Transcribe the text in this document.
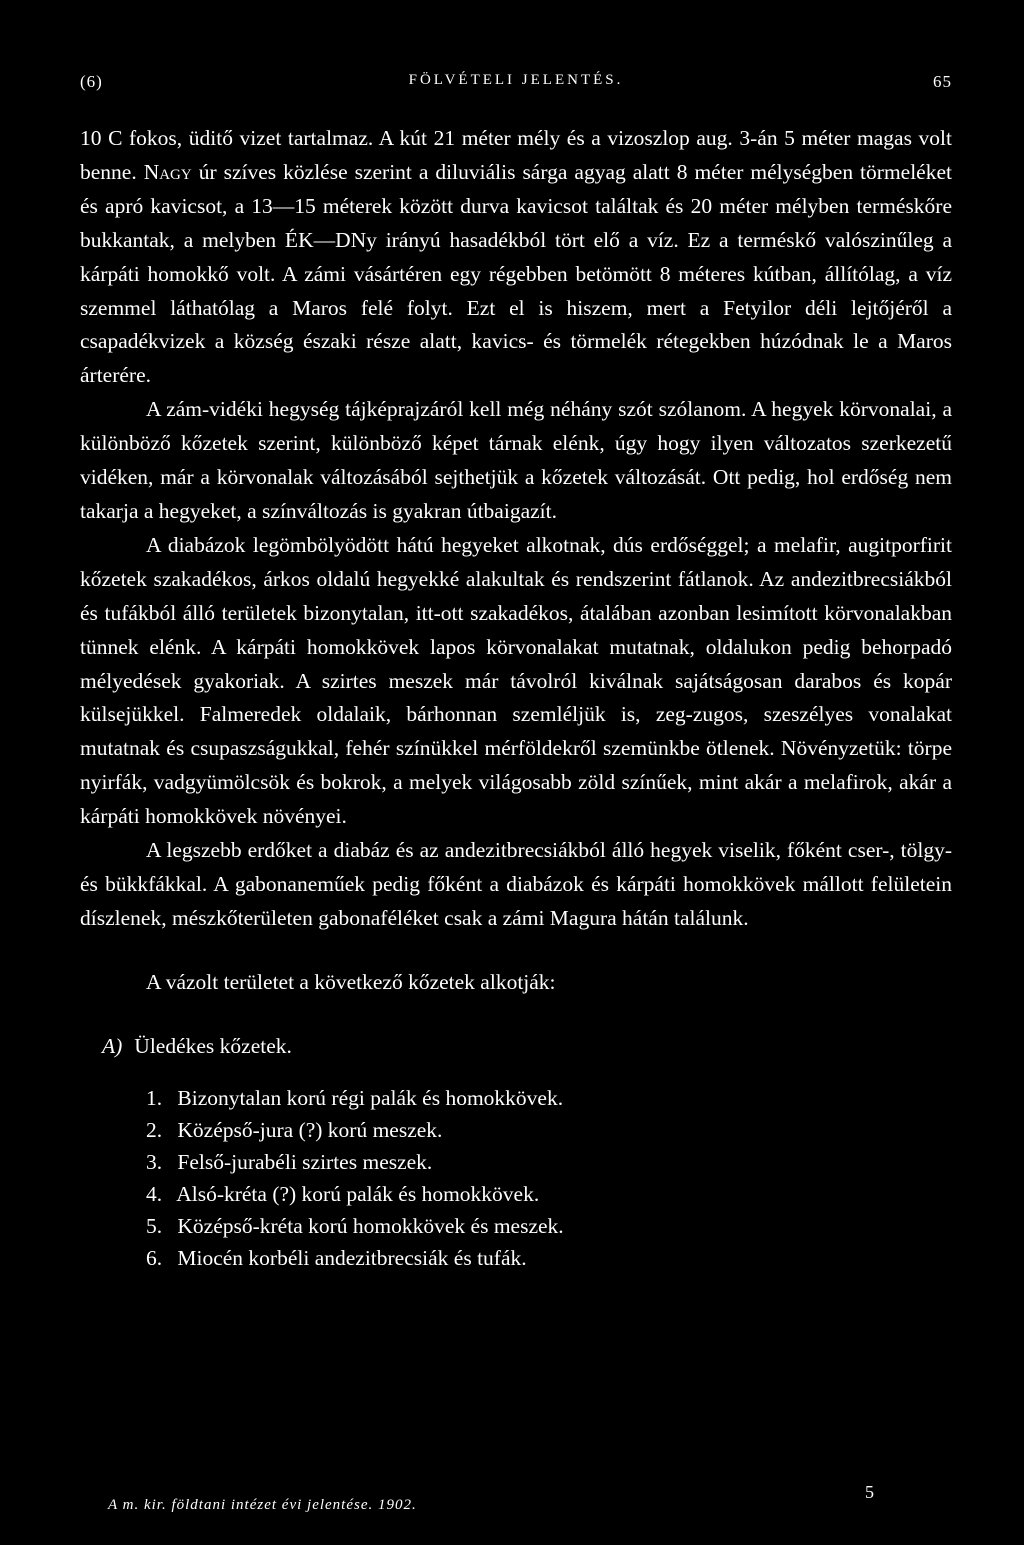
(6)	FÖLVÉTELI JELENTÉS.	65

10 C fokos, üditő vizet tartalmaz. A kút 21 méter mély és a vizoszlop aug. 3-án 5 méter magas volt benne. Nagy úr szíves közlése szerint a diluviális sárga agyag alatt 8 méter mélységben törmeléket és apró kavicsot, a 13—15 méterek között durva kavicsot találtak és 20 méter mélyben terméskőre bukkantak, a melyben ÉK—DNy irányú hasadékból tört elő a víz. Ez a terméskő valószinűleg a kárpáti homokkő volt. A zámi vásártéren egy régebben betömött 8 méteres kútban, állítólag, a víz szemmel láthatólag a Maros felé folyt. Ezt el is hiszem, mert a Fetyilor déli lejtőjéről a csapadékvizek a község északi része alatt, kavics- és törmelék rétegekben húzódnak le a Maros árterére.

A zám-vidéki hegység tájképrajzáról kell még néhány szót szólanom. A hegyek körvonalai, a különböző kőzetek szerint, különböző képet tárnak elénk, úgy hogy ilyen változatos szerkezetű vidéken, már a körvonalak változásából sejthetjük a kőzetek változását. Ott pedig, hol erdőség nem takarja a hegyeket, a színváltozás is gyakran útbaigazít.

A diabázok legömbölyödött hátú hegyeket alkotnak, dús erdőséggel; a melafir, augitporfirit kőzetek szakadékos, árkos oldalú hegyekké alakultak és rendszerint fátlanok. Az andezitbrecsiákból és tufákból álló területek bizonytalan, itt-ott szakadékos, átalában azonban lesimított körvonalakban tünnek elénk. A kárpáti homokkövek lapos körvonalakat mutatnak, oldalukon pedig behorpadó mélyedések gyakoriak. A szirtes meszek már távolról kiválnak sajátságosan darabos és kopár külsejükkel. Falmeredek oldalaik, bárhonnan szemléljük is, zeg-zugos, szeszélyes vonalakat mutatnak és csupaszságukkal, fehér színükkel mérföldekről szemünkbe ötlenek. Növényzetük: törpe nyirfák, vadgyümölcsök és bokrok, a melyek világosabb zöld színűek, mint akár a melafirok, akár a kárpáti homokkövek növényei.

A legszebb erdőket a diabáz és az andezitbrecsiákból álló hegyek viselik, főként cser-, tölgy- és bükkfákkal. A gabonaneműek pedig főként a diabázok és kárpáti homokkövek mállott felületein díszlenek, mészkőterületen gabonaféléket csak a zámi Magura hátán találunk.

A vázolt területet a következő kőzetek alkotják:

A) Üledékes kőzetek.

1. Bizonytalan korú régi palák és homokkövek.
2. Középső-jura (?) korú meszek.
3. Felső-jurabéli szirtes meszek.
4. Alsó-kréta (?) korú palák és homokkövek.
5. Középső-kréta korú homokkövek és meszek.
6. Miocén korbéli andezitbrecsiák és tufák.
A m. kir. földtani intézet évi jelentése. 1902.
5
